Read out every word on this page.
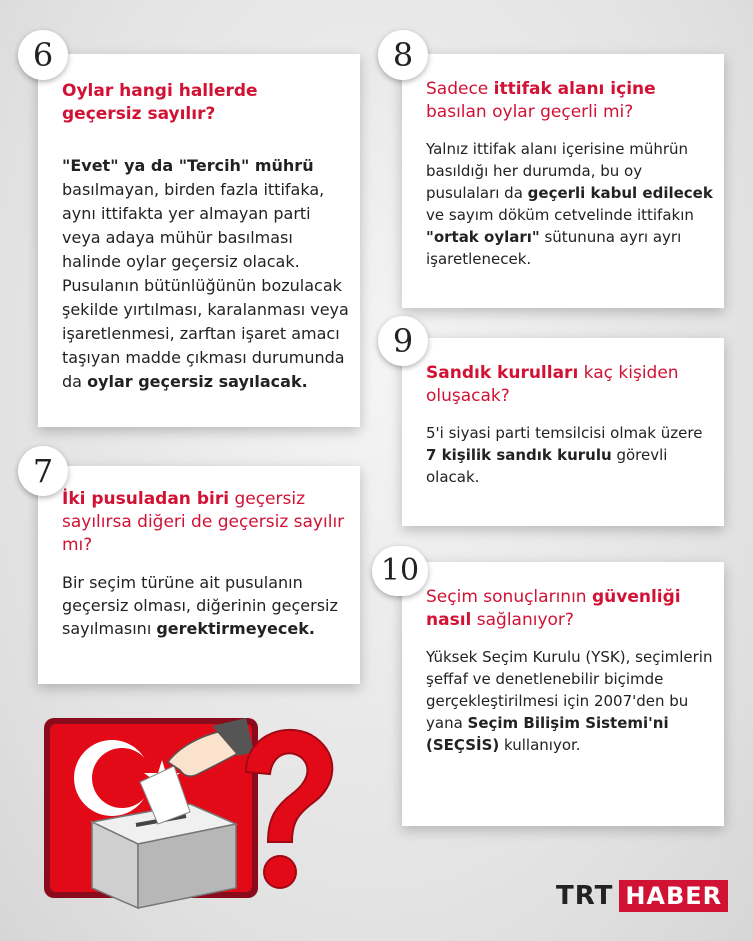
Oylar hangi hallerde
geçersiz sayılır?

"Evet" ya da "Tercih" mührü
basılmayan, birden fazla ittifaka, aynı ittifakta yer almayan parti veya adaya mühür basılması halinde oylar geçersiz olacak. Pusulanın bütünlüğünün bozulacak şekilde yırtılması, karalanması veya işaretlenmesi, zarftan işaret amacı taşıyan madde çıkması durumunda da oylar geçersiz sayılacak.

6

İki pusuladan biri geçersiz sayılırsa diğeri de geçersiz sayılır mı?

Bir seçim türüne ait pusulanın geçersiz olması, diğerinin geçersiz sayılmasını gerektirmeyecek.

7

Sadece ittifak alanı içine basılan oylar geçerli mi?

Yalnız ittifak alanı içerisine mührün basıldığı her durumda, bu oy pusulaları da geçerli kabul edilecek ve sayım döküm cetvelinde ittifakın "ortak oyları" sütununa ayrı ayrı işaretlenecek.

8

Sandık kurulları kaç kişiden oluşacak?

5'i siyasi parti temsilcisi olmak üzere 7 kişilik sandık kurulu görevli olacak.

9

Seçim sonuçlarının güvenliği nasıl sağlanıyor?

Yüksek Seçim Kurulu (YSK), seçimlerin şeffaf ve denetlenebilir biçimde gerçekleştirilmesi için 2007'den bu yana Seçim Bilişim Sistemi'ni (SEÇSİS) kullanıyor.

10
TRT HABER
